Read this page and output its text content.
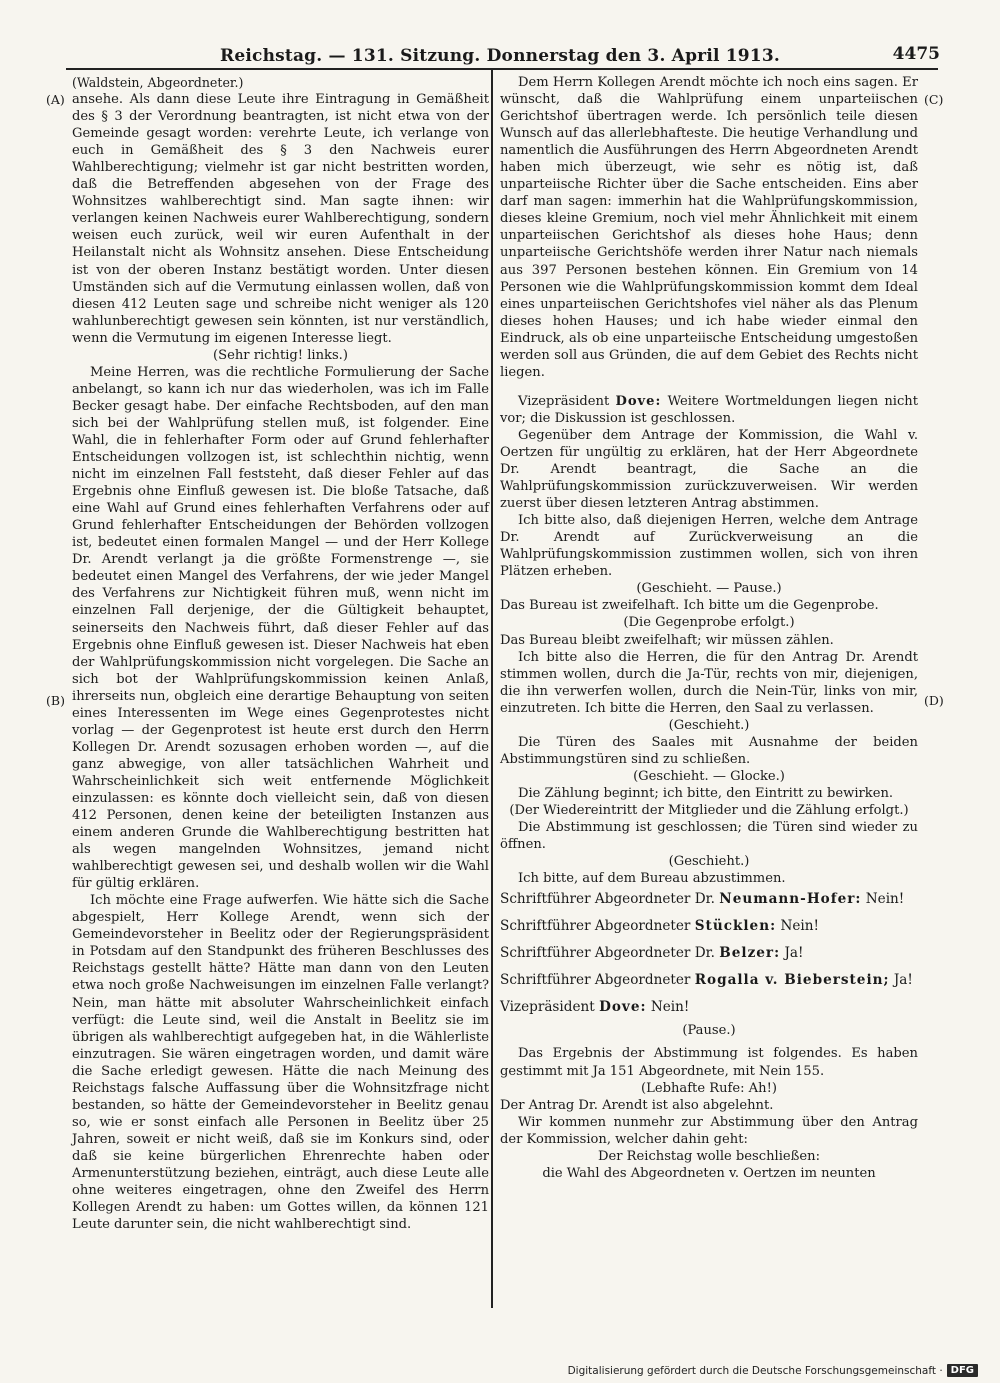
Reichstag. — 131. Sitzung. Donnerstag den 3. April 1913.	4475
(A)
(B)
(C)
(D)

(Waldstein, Abgeordneter.)

ansehe. Als dann diese Leute ihre Eintragung in Gemäßheit des § 3 der Verordnung beantragten, ist nicht etwa von der Gemeinde gesagt worden: verehrte Leute, ich verlange von euch in Gemäßheit des § 3 den Nachweis eurer Wahlberechtigung; vielmehr ist gar nicht bestritten worden, daß die Betreffenden abgesehen von der Frage des Wohnsitzes wahlberechtigt sind. Man sagte ihnen: wir verlangen keinen Nachweis eurer Wahlberechtigung, sondern weisen euch zurück, weil wir euren Aufenthalt in der Heilanstalt nicht als Wohnsitz ansehen. Diese Entscheidung ist von der oberen Instanz bestätigt worden. Unter diesen Umständen sich auf die Vermutung einlassen wollen, daß von diesen 412 Leuten sage und schreibe nicht weniger als 120 wahlunberechtigt gewesen sein könnten, ist nur verständlich, wenn die Vermutung im eigenen Interesse liegt.

(Sehr richtig! links.)

Meine Herren, was die rechtliche Formulierung der Sache anbelangt, so kann ich nur das wiederholen, was ich im Falle Becker gesagt habe. Der einfache Rechtsboden, auf den man sich bei der Wahlprüfung stellen muß, ist folgender. Eine Wahl, die in fehlerhafter Form oder auf Grund fehlerhafter Entscheidungen vollzogen ist, ist schlechthin nichtig, wenn nicht im einzelnen Fall feststeht, daß dieser Fehler auf das Ergebnis ohne Einfluß gewesen ist. Die bloße Tatsache, daß eine Wahl auf Grund eines fehlerhaften Verfahrens oder auf Grund fehlerhafter Entscheidungen der Behörden vollzogen ist, bedeutet einen formalen Mangel — und der Herr Kollege Dr. Arendt verlangt ja die größte Formenstrenge —, sie bedeutet einen Mangel des Verfahrens, der wie jeder Mangel des Verfahrens zur Nichtigkeit führen muß, wenn nicht im einzelnen Fall derjenige, der die Gültigkeit behauptet, seinerseits den Nachweis führt, daß dieser Fehler auf das Ergebnis ohne Einfluß gewesen ist. Dieser Nachweis hat eben der Wahlprüfungskommission nicht vorgelegen. Die Sache an sich bot der Wahlprüfungskommission keinen Anlaß, ihrerseits nun, obgleich eine derartige Behauptung von seiten eines Interessenten im Wege eines Gegenprotestes nicht vorlag — der Gegenprotest ist heute erst durch den Herrn Kollegen Dr. Arendt sozusagen erhoben worden —, auf die ganz abwegige, von aller tatsächlichen Wahrheit und Wahrscheinlichkeit sich weit entfernende Möglichkeit einzulassen: es könnte doch vielleicht sein, daß von diesen 412 Personen, denen keine der beteiligten Instanzen aus einem anderen Grunde die Wahlberechtigung bestritten hat als wegen mangelnden Wohnsitzes, jemand nicht wahlberechtigt gewesen sei, und deshalb wollen wir die Wahl für gültig erklären.

Ich möchte eine Frage aufwerfen. Wie hätte sich die Sache abgespielt, Herr Kollege Arendt, wenn sich der Gemeindevorsteher in Beelitz oder der Regierungspräsident in Potsdam auf den Standpunkt des früheren Beschlusses des Reichstags gestellt hätte? Hätte man dann von den Leuten etwa noch große Nachweisungen im einzelnen Falle verlangt? Nein, man hätte mit absoluter Wahrscheinlichkeit einfach verfügt: die Leute sind, weil die Anstalt in Beelitz sie im übrigen als wahlberechtigt aufgegeben hat, in die Wählerliste einzutragen. Sie wären eingetragen worden, und damit wäre die Sache erledigt gewesen. Hätte die nach Meinung des Reichstags falsche Auffassung über die Wohnsitzfrage nicht bestanden, so hätte der Gemeindevorsteher in Beelitz genau so, wie er sonst einfach alle Personen in Beelitz über 25 Jahren, soweit er nicht weiß, daß sie im Konkurs sind, oder daß sie keine bürgerlichen Ehrenrechte haben oder Armenunterstützung beziehen, einträgt, auch diese Leute alle ohne weiteres eingetragen, ohne den Zweifel des Herrn Kollegen Arendt zu haben: um Gottes willen, da können 121 Leute darunter sein, die nicht wahlberechtigt sind.

Dem Herrn Kollegen Arendt möchte ich noch eins sagen. Er wünscht, daß die Wahlprüfung einem unparteiischen Gerichtshof übertragen werde. Ich persönlich teile diesen Wunsch auf das allerlebhafteste. Die heutige Verhandlung und namentlich die Ausführungen des Herrn Abgeordneten Arendt haben mich überzeugt, wie sehr es nötig ist, daß unparteiische Richter über die Sache entscheiden. Eins aber darf man sagen: immerhin hat die Wahlprüfungskommission, dieses kleine Gremium, noch viel mehr Ähnlichkeit mit einem unparteiischen Gerichtshof als dieses hohe Haus; denn unparteiische Gerichtshöfe werden ihrer Natur nach niemals aus 397 Personen bestehen können. Ein Gremium von 14 Personen wie die Wahlprüfungskommission kommt dem Ideal eines unparteiischen Gerichtshofes viel näher als das Plenum dieses hohen Hauses; und ich habe wieder einmal den Eindruck, als ob eine unparteiische Entscheidung umgestoßen werden soll aus Gründen, die auf dem Gebiet des Rechts nicht liegen.

Vizepräsident Dove: Weitere Wortmeldungen liegen nicht vor; die Diskussion ist geschlossen.

Gegenüber dem Antrage der Kommission, die Wahl v. Oertzen für ungültig zu erklären, hat der Herr Abgeordnete Dr. Arendt beantragt, die Sache an die Wahlprüfungskommission zurückzuverweisen. Wir werden zuerst über diesen letzteren Antrag abstimmen.

Ich bitte also, daß diejenigen Herren, welche dem Antrage Dr. Arendt auf Zurückverweisung an die Wahlprüfungskommission zustimmen wollen, sich von ihren Plätzen erheben.

(Geschieht. — Pause.)

Das Bureau ist zweifelhaft. Ich bitte um die Gegenprobe.

(Die Gegenprobe erfolgt.)

Das Bureau bleibt zweifelhaft; wir müssen zählen.

Ich bitte also die Herren, die für den Antrag Dr. Arendt stimmen wollen, durch die Ja-Tür, rechts von mir, diejenigen, die ihn verwerfen wollen, durch die Nein-Tür, links von mir, einzutreten. Ich bitte die Herren, den Saal zu verlassen.

(Geschieht.)

Die Türen des Saales mit Ausnahme der beiden Abstimmungstüren sind zu schließen.

(Geschieht. — Glocke.)

Die Zählung beginnt; ich bitte, den Eintritt zu bewirken.

(Der Wiedereintritt der Mitglieder und die Zählung erfolgt.)

Die Abstimmung ist geschlossen; die Türen sind wieder zu öffnen.

(Geschieht.)

Ich bitte, auf dem Bureau abzustimmen.

Schriftführer Abgeordneter Dr. Neumann-Hofer: Nein!

Schriftführer Abgeordneter Stücklen: Nein!

Schriftführer Abgeordneter Dr. Belzer: Ja!

Schriftführer Abgeordneter Rogalla v. Bieberstein; Ja!

Vizepräsident Dove: Nein!

(Pause.)

Das Ergebnis der Abstimmung ist folgendes. Es haben gestimmt mit Ja 151 Abgeordnete, mit Nein 155.

(Lebhafte Rufe: Ah!)

Der Antrag Dr. Arendt ist also abgelehnt.

Wir kommen nunmehr zur Abstimmung über den Antrag der Kommission, welcher dahin geht:

Der Reichstag wolle beschließen:

die Wahl des Abgeordneten v. Oertzen im neunten

Digitalisierung gefördert durch die Deutsche Forschungsgemeinschaft · DFG
